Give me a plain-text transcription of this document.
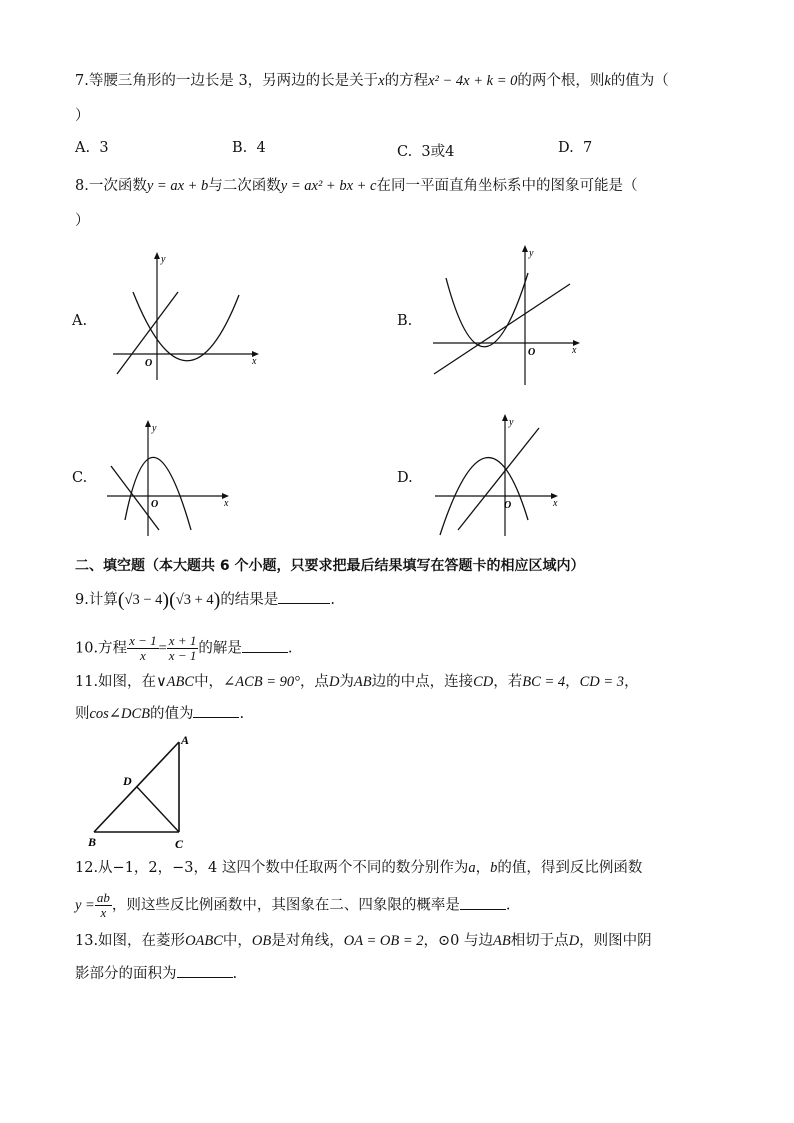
7.等腰三角形的一边长是 3，另两边的长是关于x的方程x² − 4x + k = 0的两个根，则k的值为（
）
A. 3	B. 4	C. 3或4	D. 7
8.一次函数y = ax + b与二次函数y = ax² + bx + c在同一平面直角坐标系中的图象可能是（
）
A.
y
x
O
B.
y
x
O
C.
y
x
O
D.
y
x
O
二、填空题（本大题共 6 个小题，只要求把最后结果填写在答题卡的相应区域内）
9.计算(√3 − 4)(√3 + 4)的结果是	.
10.方程 $\frac{x - 1}{x} = \frac{x + 1}{x - 1}$ 的解是	.
11.如图，在∨ABC中，∠ACB = 90°，点D为AB边的中点，连接CD，若BC = 4，CD = 3，
则cos∠DCB的值为	.
A
D
B	C
12.从−1，2，−3，4 这四个数中任取两个不同的数分别作为a，b的值，得到反比例函数
$y = \frac{ab}{x}$ ，则这些反比例函数中，其图象在二、四象限的概率是	.
13.如图，在菱形OABC中，OB是对角线，OA = OB = 2，⊙0 与边AB相切于点D，则图中阴
影部分的面积为	.
